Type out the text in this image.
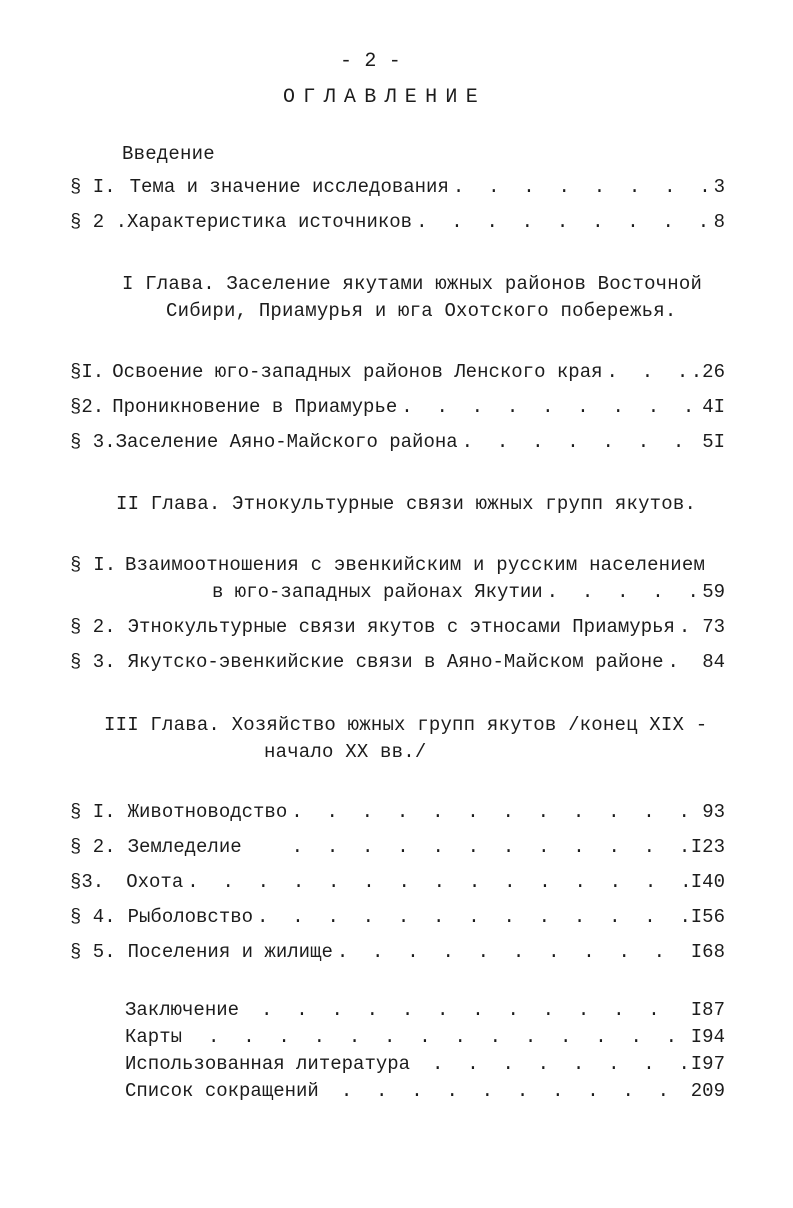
- 2 -
ОГЛАВЛЕНИЕ
Введение
§ I. Тема и значение исследования . . .	3
§ 2 . Характеристика источников . . .	8
I Глава. Заселение якутами южных районов Восточной
Сибири, Приамурья и юга Охотского побережья.
§I. Освоение юго-западных районов Ленского края . . .	.26
§2. Проникновение в Приамурье . . .	4I
§ 3. Заселение Аяно-Майского района . . .	5I
II Глава. Этнокультурные связи южных групп якутов.
§ I. Взаимоотношения с эвенкийским и русским населением
в юго-западных районах Якутии . . .	59
§ 2. Этнокультурные связи якутов с этносами Приамурья . . . 73
§ 3. Якутско-эвенкийские связи в Аяно-Майском районе . . . 84
III Глава. Хозяйство южных групп якутов /конец XIX -
начало XX вв./
§ I. Животноводство . . .	93
§ 2. Земледелие . . .	I23
§3. Охота . . .	I40
§ 4. Рыболовство . . .	I56
§ 5. Поселения и жилище . . .	I68
Заключение . . .	I87
Карты . . .	I94
Использованная литература . . .	I97
Список сокращений . . .	209
